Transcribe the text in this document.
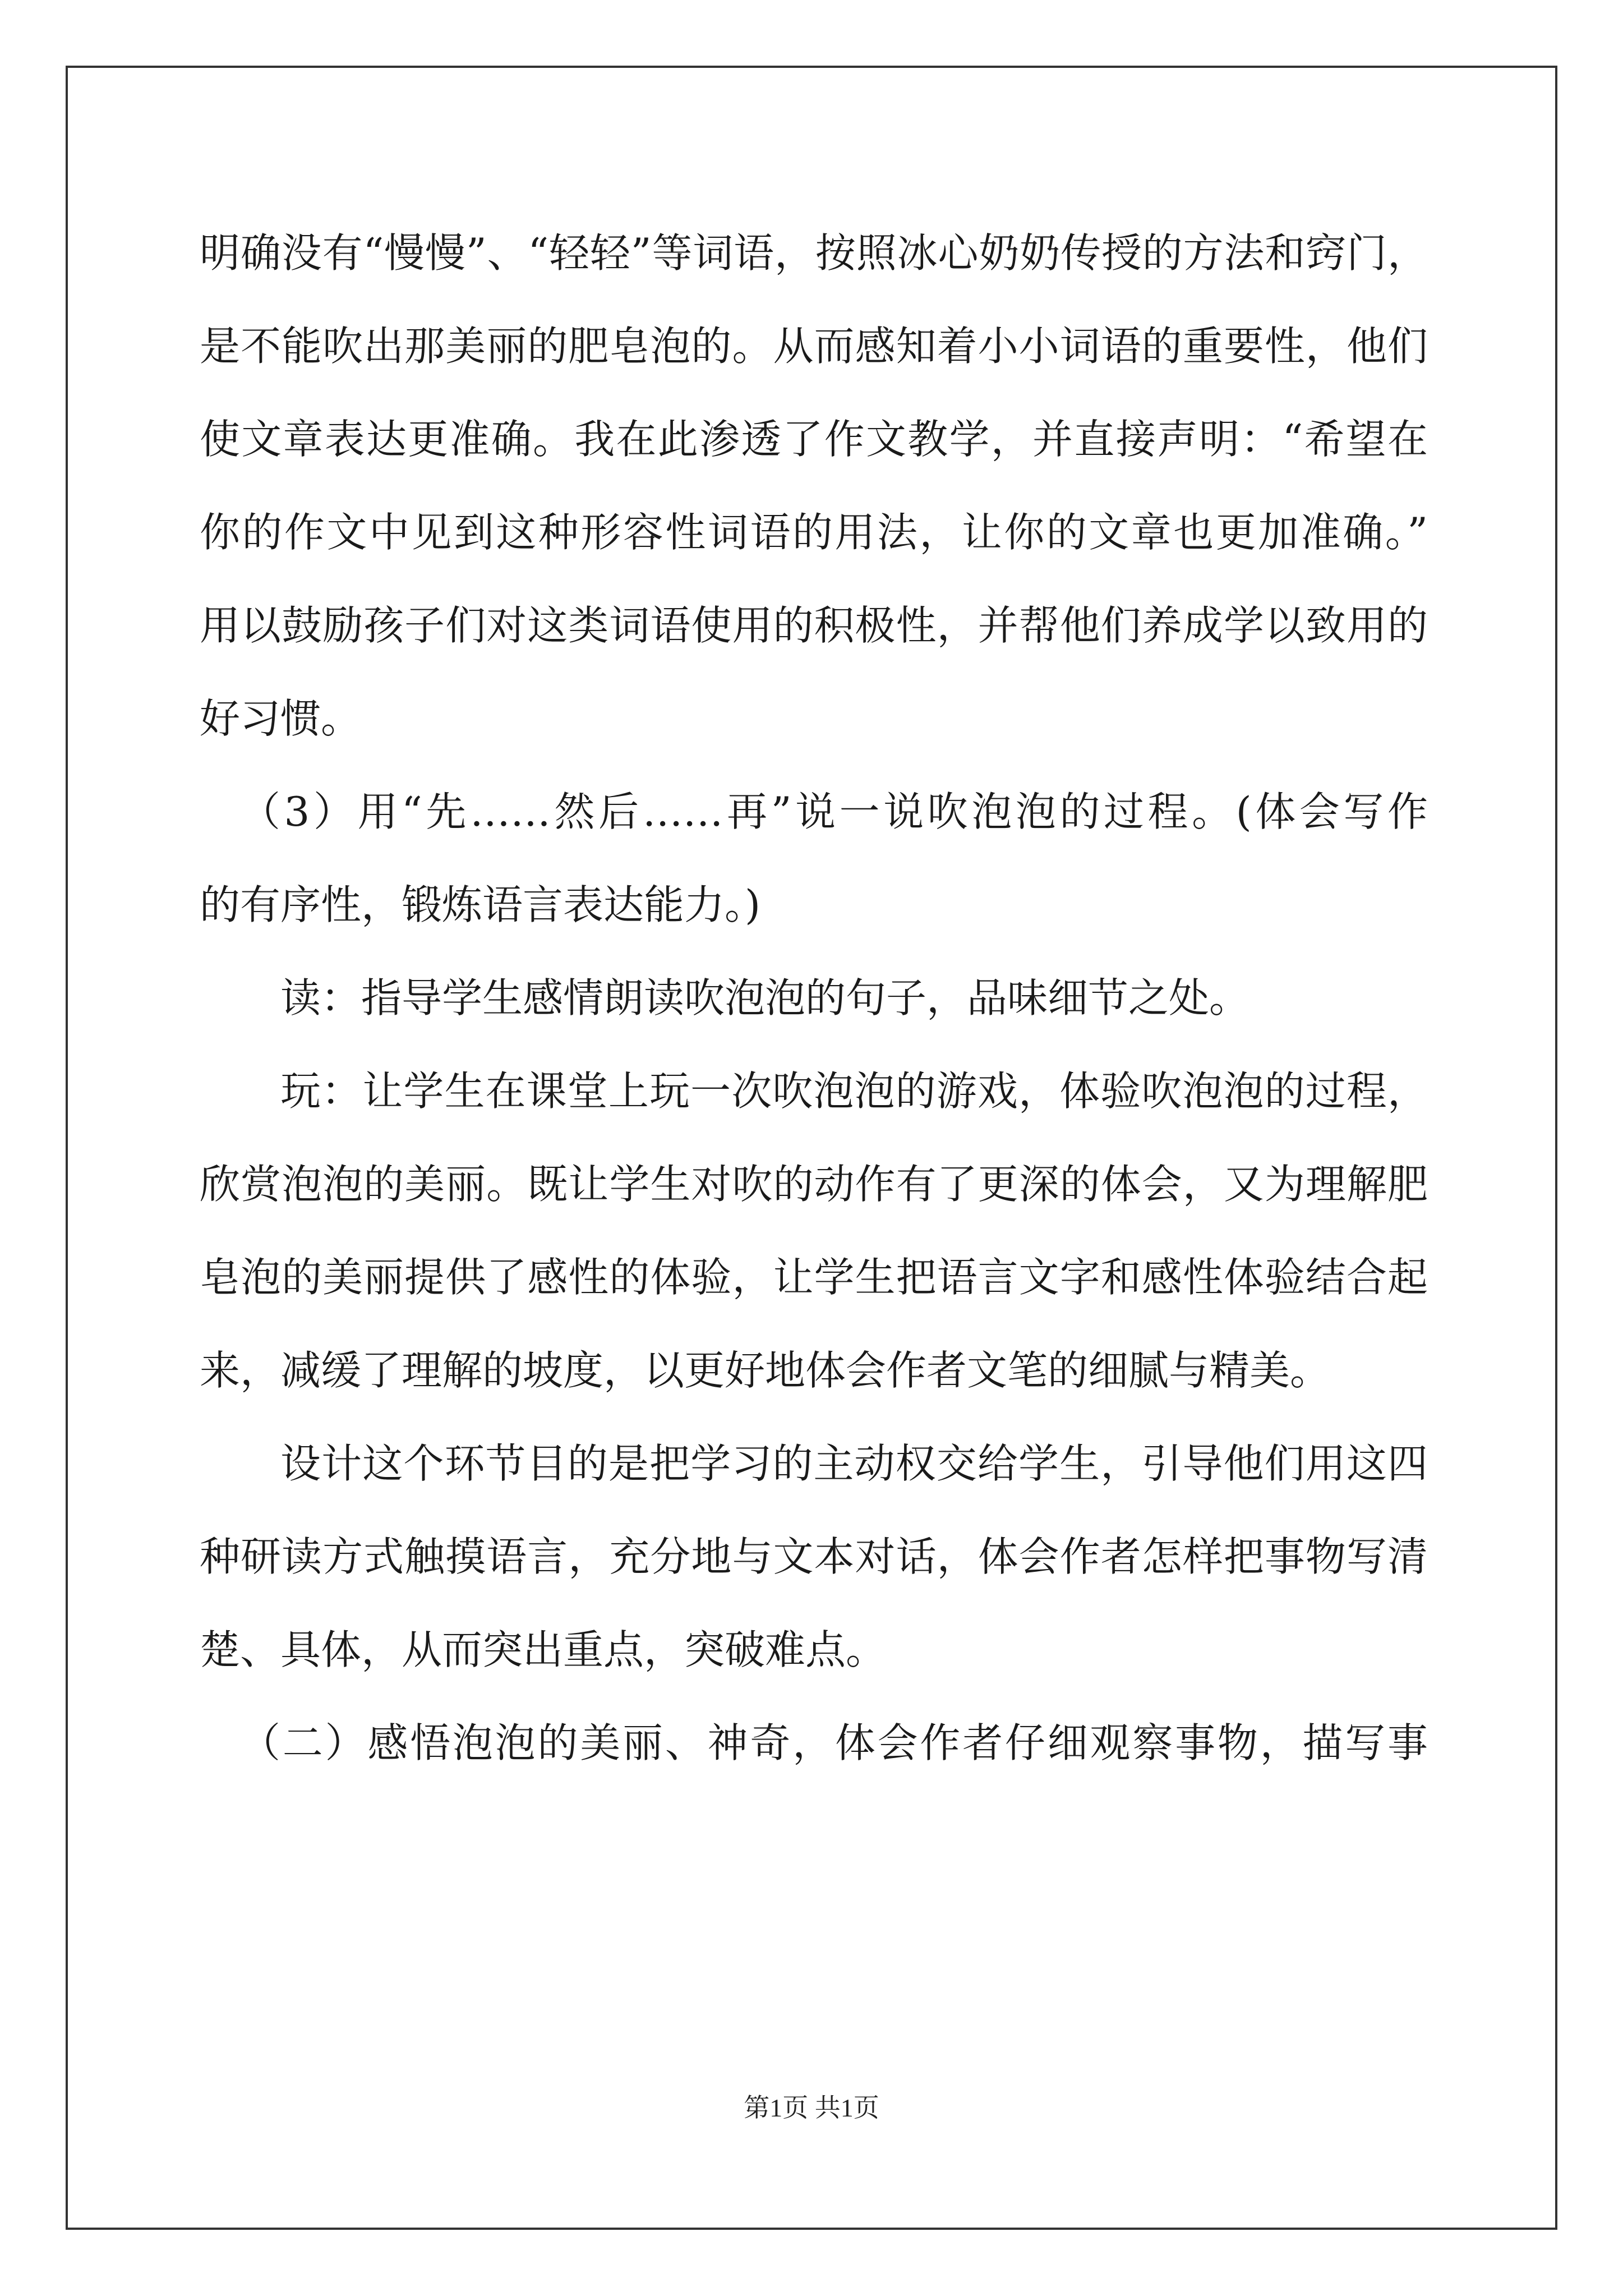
明确没有“慢慢”、“轻轻”等词语，按照冰心奶奶传授的方法和窍门，
是不能吹出那美丽的肥皂泡的。从而感知着小小词语的重要性，他们
使文章表达更准确。我在此渗透了作文教学，并直接声明：“希望在
你的作文中见到这种形容性词语的用法，让你的文章也更加准确。”
用以鼓励孩子们对这类词语使用的积极性，并帮他们养成学以致用的
好习惯。
（3）用“先……然后……再”说一说吹泡泡的过程。(体会写作
的有序性，锻炼语言表达能力。)
读：指导学生感情朗读吹泡泡的句子，品味细节之处。
玩：让学生在课堂上玩一次吹泡泡的游戏，体验吹泡泡的过程，
欣赏泡泡的美丽。既让学生对吹的动作有了更深的体会，又为理解肥
皂泡的美丽提供了感性的体验，让学生把语言文字和感性体验结合起
来，减缓了理解的坡度，以更好地体会作者文笔的细腻与精美。
设计这个环节目的是把学习的主动权交给学生，引导他们用这四
种研读方式触摸语言，充分地与文本对话，体会作者怎样把事物写清
楚、具体，从而突出重点，突破难点。
（二）感悟泡泡的美丽、神奇，体会作者仔细观察事物，描写事
第1页 共1页
